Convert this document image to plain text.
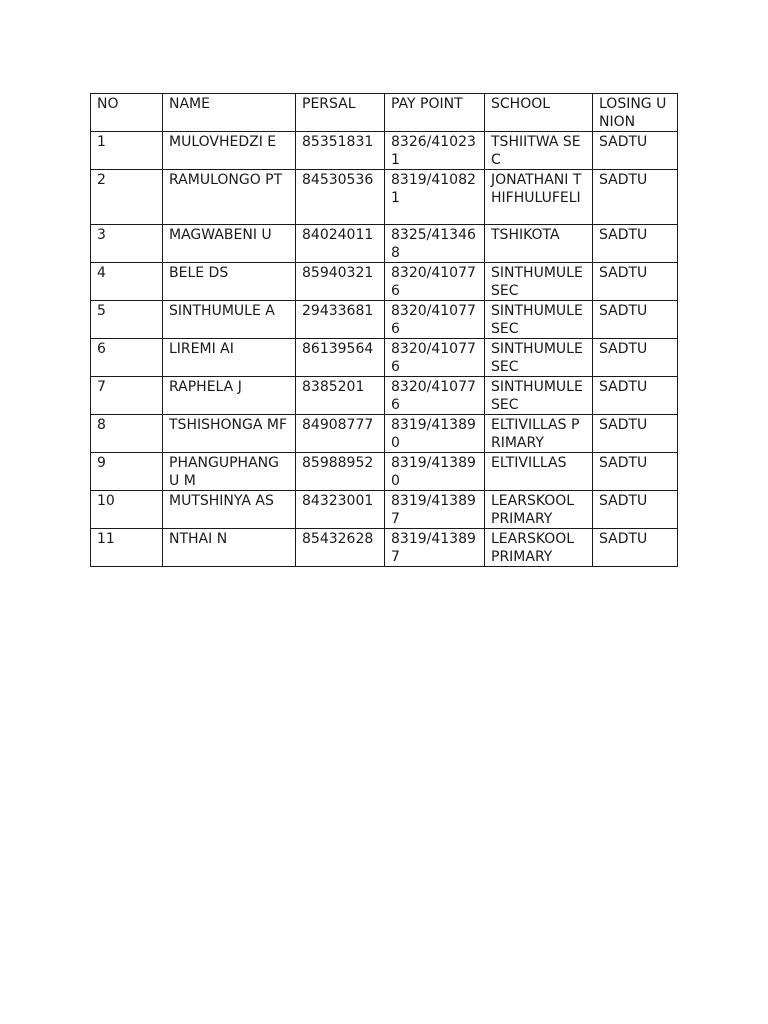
NO	NAME	PERSAL	PAY POINT	SCHOOL	LOSING UNION
1	MULOVHEDZI E	85351831	8326/410231	TSHIITWA SEC	SADTU
2	RAMULONGO PT	84530536	8319/410821	JONATHANI THIFHULUFELI	SADTU
3	MAGWABENI U	84024011	8325/413468	TSHIKOTA	SADTU
4	BELE DS	85940321	8320/410776	SINTHUMULE SEC	SADTU
5	SINTHUMULE A	29433681	8320/410776	SINTHUMULE SEC	SADTU
6	LIREMI AI	86139564	8320/410776	SINTHUMULE SEC	SADTU
7	RAPHELA J	8385201	8320/410776	SINTHUMULE SEC	SADTU
8	TSHISHONGA MF	84908777	8319/413890	ELTIVILLAS PRIMARY	SADTU
9	PHANGUPHANGU M	85988952	8319/413890	ELTIVILLAS	SADTU
10	MUTSHINYA AS	84323001	8319/413897	LEARSKOOL PRIMARY	SADTU
11	NTHAI N	85432628	8319/413897	LEARSKOOL PRIMARY	SADTU
